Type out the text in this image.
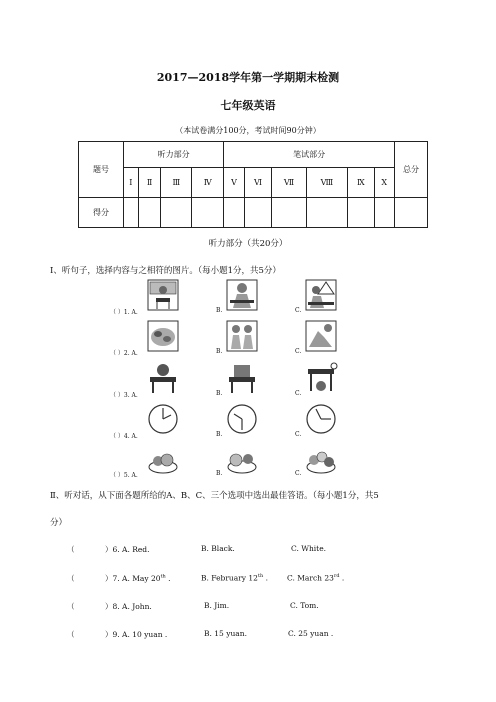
2017—2018学年第一学期期末检测
七年级英语
（本试卷满分100分，考试时间90分钟）
题号	听力部分				笔试部分						总分
	Ⅰ	Ⅱ	Ⅲ	Ⅳ	Ⅴ	Ⅵ	Ⅶ	Ⅷ	Ⅸ	Ⅹ	
得分											
听力部分（共20分）
Ⅰ、听句子，选择内容与之相符的图片。（每小题1分，共5分）
（ ）1. A.	B.	C.
（ ）2. A.	B.	C.
（ ）3. A.	B.	C.
（ ）4. A.	B.	C.
（ ）5. A.	B.	C.
Ⅱ、听对话，从下面各题所给的A、B、C、三个选项中选出最佳答语。（每小题1分，共5
分）
（	）6. A. Red.	B. Black.	C. White.
（	）7. A. May 20th .	B. February 12th .	C. March 23rd .
（	）8. A. John.	B. Jim.	C. Tom.
（	）9. A. 10 yuan .	B. 15 yuan.	C. 25 yuan .
